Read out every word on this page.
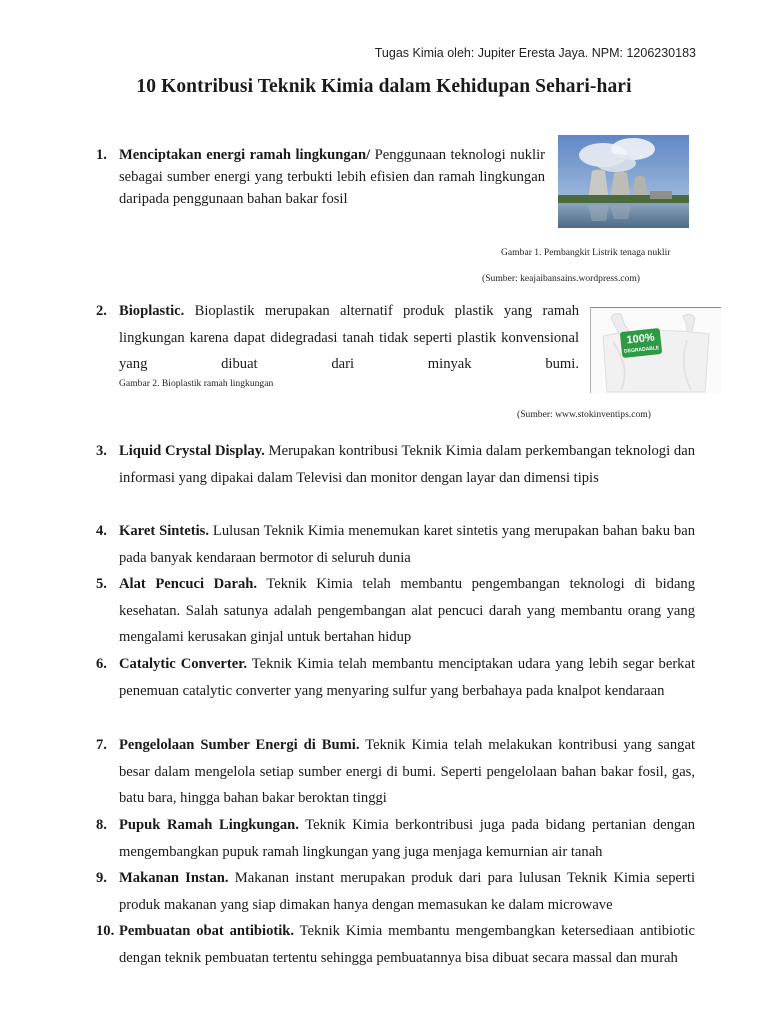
Tugas Kimia oleh: Jupiter Eresta Jaya. NPM: 1206230183
10 Kontribusi Teknik Kimia dalam Kehidupan Sehari-hari
1. Menciptakan energi ramah lingkungan/ Penggunaan teknologi nuklir sebagai sumber energi yang terbukti lebih efisien dan ramah lingkungan daripada penggunaan bahan bakar fosil
Gambar 1. Pembangkit Listrik tenaga nuklir
(Sumber: keajaibansains.wordpress.com)
2. Bioplastic. Bioplastik merupakan alternatif produk plastik yang ramah lingkungan karena dapat didegradasi tanah tidak seperti plastik konvensional yang dibuat dari minyak bumi.
Gambar 2. Bioplastik ramah lingkungan
100%
DEGRADABLE
(Sumber: www.stokinventips.com)
3. Liquid Crystal Display. Merupakan kontribusi Teknik Kimia dalam perkembangan teknologi dan informasi yang dipakai dalam Televisi dan monitor dengan layar dan dimensi tipis
4. Karet Sintetis. Lulusan Teknik Kimia menemukan karet sintetis yang merupakan bahan baku ban pada banyak kendaraan bermotor di seluruh dunia
5. Alat Pencuci Darah. Teknik Kimia telah membantu pengembangan teknologi di bidang kesehatan. Salah satunya adalah pengembangan alat pencuci darah yang membantu orang yang mengalami kerusakan ginjal untuk bertahan hidup
6. Catalytic Converter. Teknik Kimia telah membantu menciptakan udara yang lebih segar berkat penemuan catalytic converter yang menyaring sulfur yang berbahaya pada knalpot kendaraan
7. Pengelolaan Sumber Energi di Bumi. Teknik Kimia telah melakukan kontribusi yang sangat besar dalam mengelola setiap sumber energi di bumi. Seperti pengelolaan bahan bakar fosil, gas, batu bara, hingga bahan bakar beroktan tinggi
8. Pupuk Ramah Lingkungan. Teknik Kimia berkontribusi juga pada bidang pertanian dengan mengembangkan pupuk ramah lingkungan yang juga menjaga kemurnian air tanah
9. Makanan Instan. Makanan instant merupakan produk dari para lulusan Teknik Kimia seperti produk makanan yang siap dimakan hanya dengan memasukan ke dalam microwave
10. Pembuatan obat antibiotik. Teknik Kimia membantu mengembangkan ketersediaan antibiotic dengan teknik pembuatan tertentu sehingga pembuatannya bisa dibuat secara massal dan murah
